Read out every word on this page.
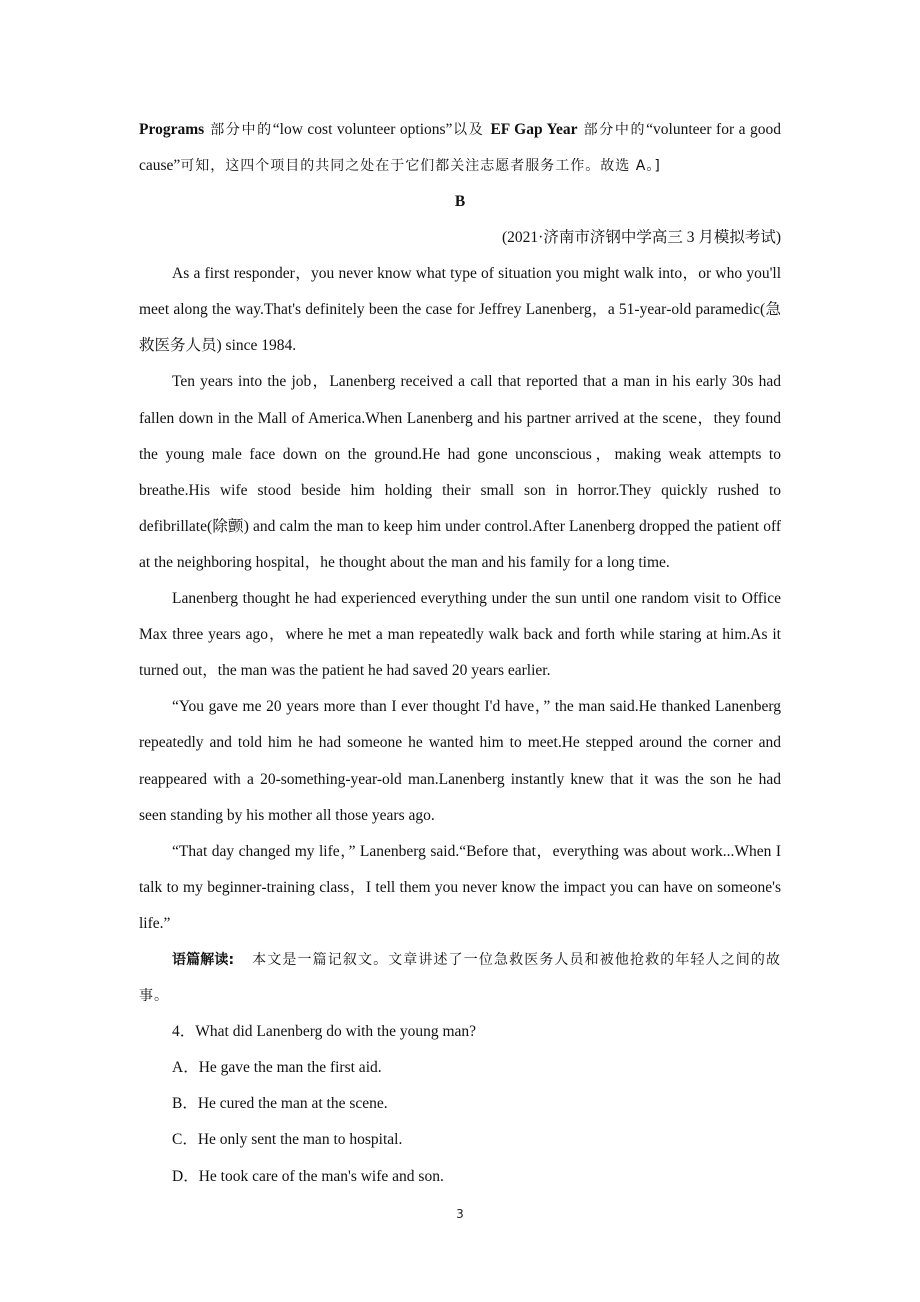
Programs 部分中的“low cost volunteer options”以及 EF Gap Year 部分中的“volunteer for a good cause”可知，这四个项目的共同之处在于它们都关注志愿者服务工作。故选 A。]

B

(2021·济南市济钢中学高三 3 月模拟考试)

As a first responder，you never know what type of situation you might walk into，or who you'll meet along the way.That's definitely been the case for Jeffrey Lanenberg，a 51‑year‑old paramedic(急救医务人员) since 1984.

Ten years into the job，Lanenberg received a call that reported that a man in his early 30s had fallen down in the Mall of America.When Lanenberg and his partner arrived at the scene，they found the young male face down on the ground.He had gone unconscious，making weak attempts to breathe.His wife stood beside him holding their small son in horror.They quickly rushed to defibrillate(除颤) and calm the man to keep him under control.After Lanenberg dropped the patient off at the neighboring hospital，he thought about the man and his family for a long time.

Lanenberg thought he had experienced everything under the sun until one random visit to Office Max three years ago，where he met a man repeatedly walk back and forth while staring at him.As it turned out，the man was the patient he had saved 20 years earlier.

“You gave me 20 years more than I ever thought I'd have，” the man said.He thanked Lanenberg repeatedly and told him he had someone he wanted him to meet.He stepped around the corner and reappeared with a 20-something-year-old man.Lanenberg instantly knew that it was the son he had seen standing by his mother all those years ago.

“That day changed my life，” Lanenberg said.“Before that，everything was about work...When I talk to my beginner‑training class，I tell them you never know the impact you can have on someone's life.”

语篇解读: 本文是一篇记叙文。文章讲述了一位急救医务人员和被他抢救的年轻人之间的故事。

4．What did Lanenberg do with the young man?

A．He gave the man the first aid.

B．He cured the man at the scene.

C．He only sent the man to hospital.

D．He took care of the man's wife and son.

3
